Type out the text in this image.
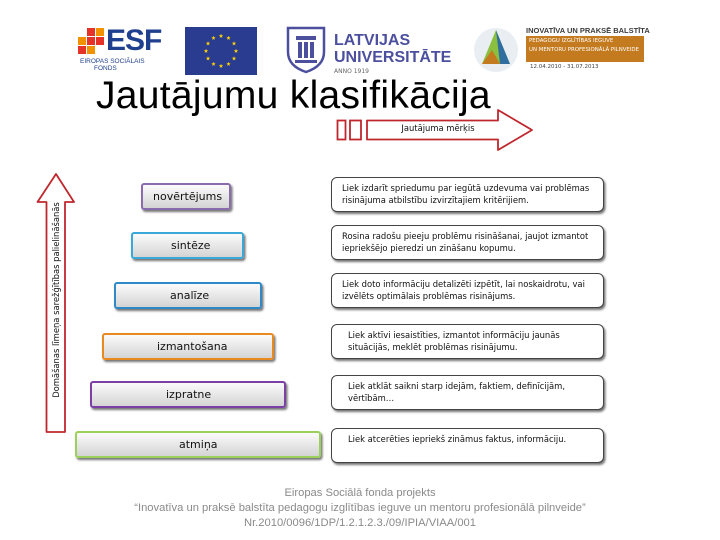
ESF
EIROPAS SOCIĀLAIS
FONDS
LATVIJAS
UNIVERSITĀTE
ANNO 1919
INOVATĪVA UN PRAKSĒ BALSTĪTA
PEDAGOGU IZGLĪTĪBAS IEGUVE
UN MENTORU PROFESIONĀLĀ PILNVEIDE
12.04.2010 - 31.07.2013
Jautājumu klasifikācija
Jautājuma mērķis
Domāšanas līmeņa sarežģītības palielināšanās
novērtējums
sintēze
analīze
izmantošana
izpratne
atmiņa
Liek izdarīt spriedumu par iegūtā uzdevuma vai problēmas risinājuma atbilstību izvirzītajiem kritērijiem.
Rosina radošu pieeju problēmu risināšanai, jaujot izmantot iepriekšējo pieredzi un zināšanu kopumu.
Liek doto informāciju detalizēti izpētīt, lai noskaidrotu, vai izvēlēts optimālais problēmas risinājums.
Liek aktīvi iesaistīties, izmantot informāciju jaunās situācijās, meklēt problēmas risinājumu.
Liek atklāt saikni starp idejām, faktiem, definīcijām, vērtībām…
Liek atcerēties iepriekš zināmus faktus, informāciju.
Eiropas Sociālā fonda projekts
“Inovatīva un praksē balstīta pedagogu izglītības ieguve un mentoru profesionālā pilnveide”
Nr.2010/0096/1DP/1.2.1.2.3./09/IPIA/VIAA/001
